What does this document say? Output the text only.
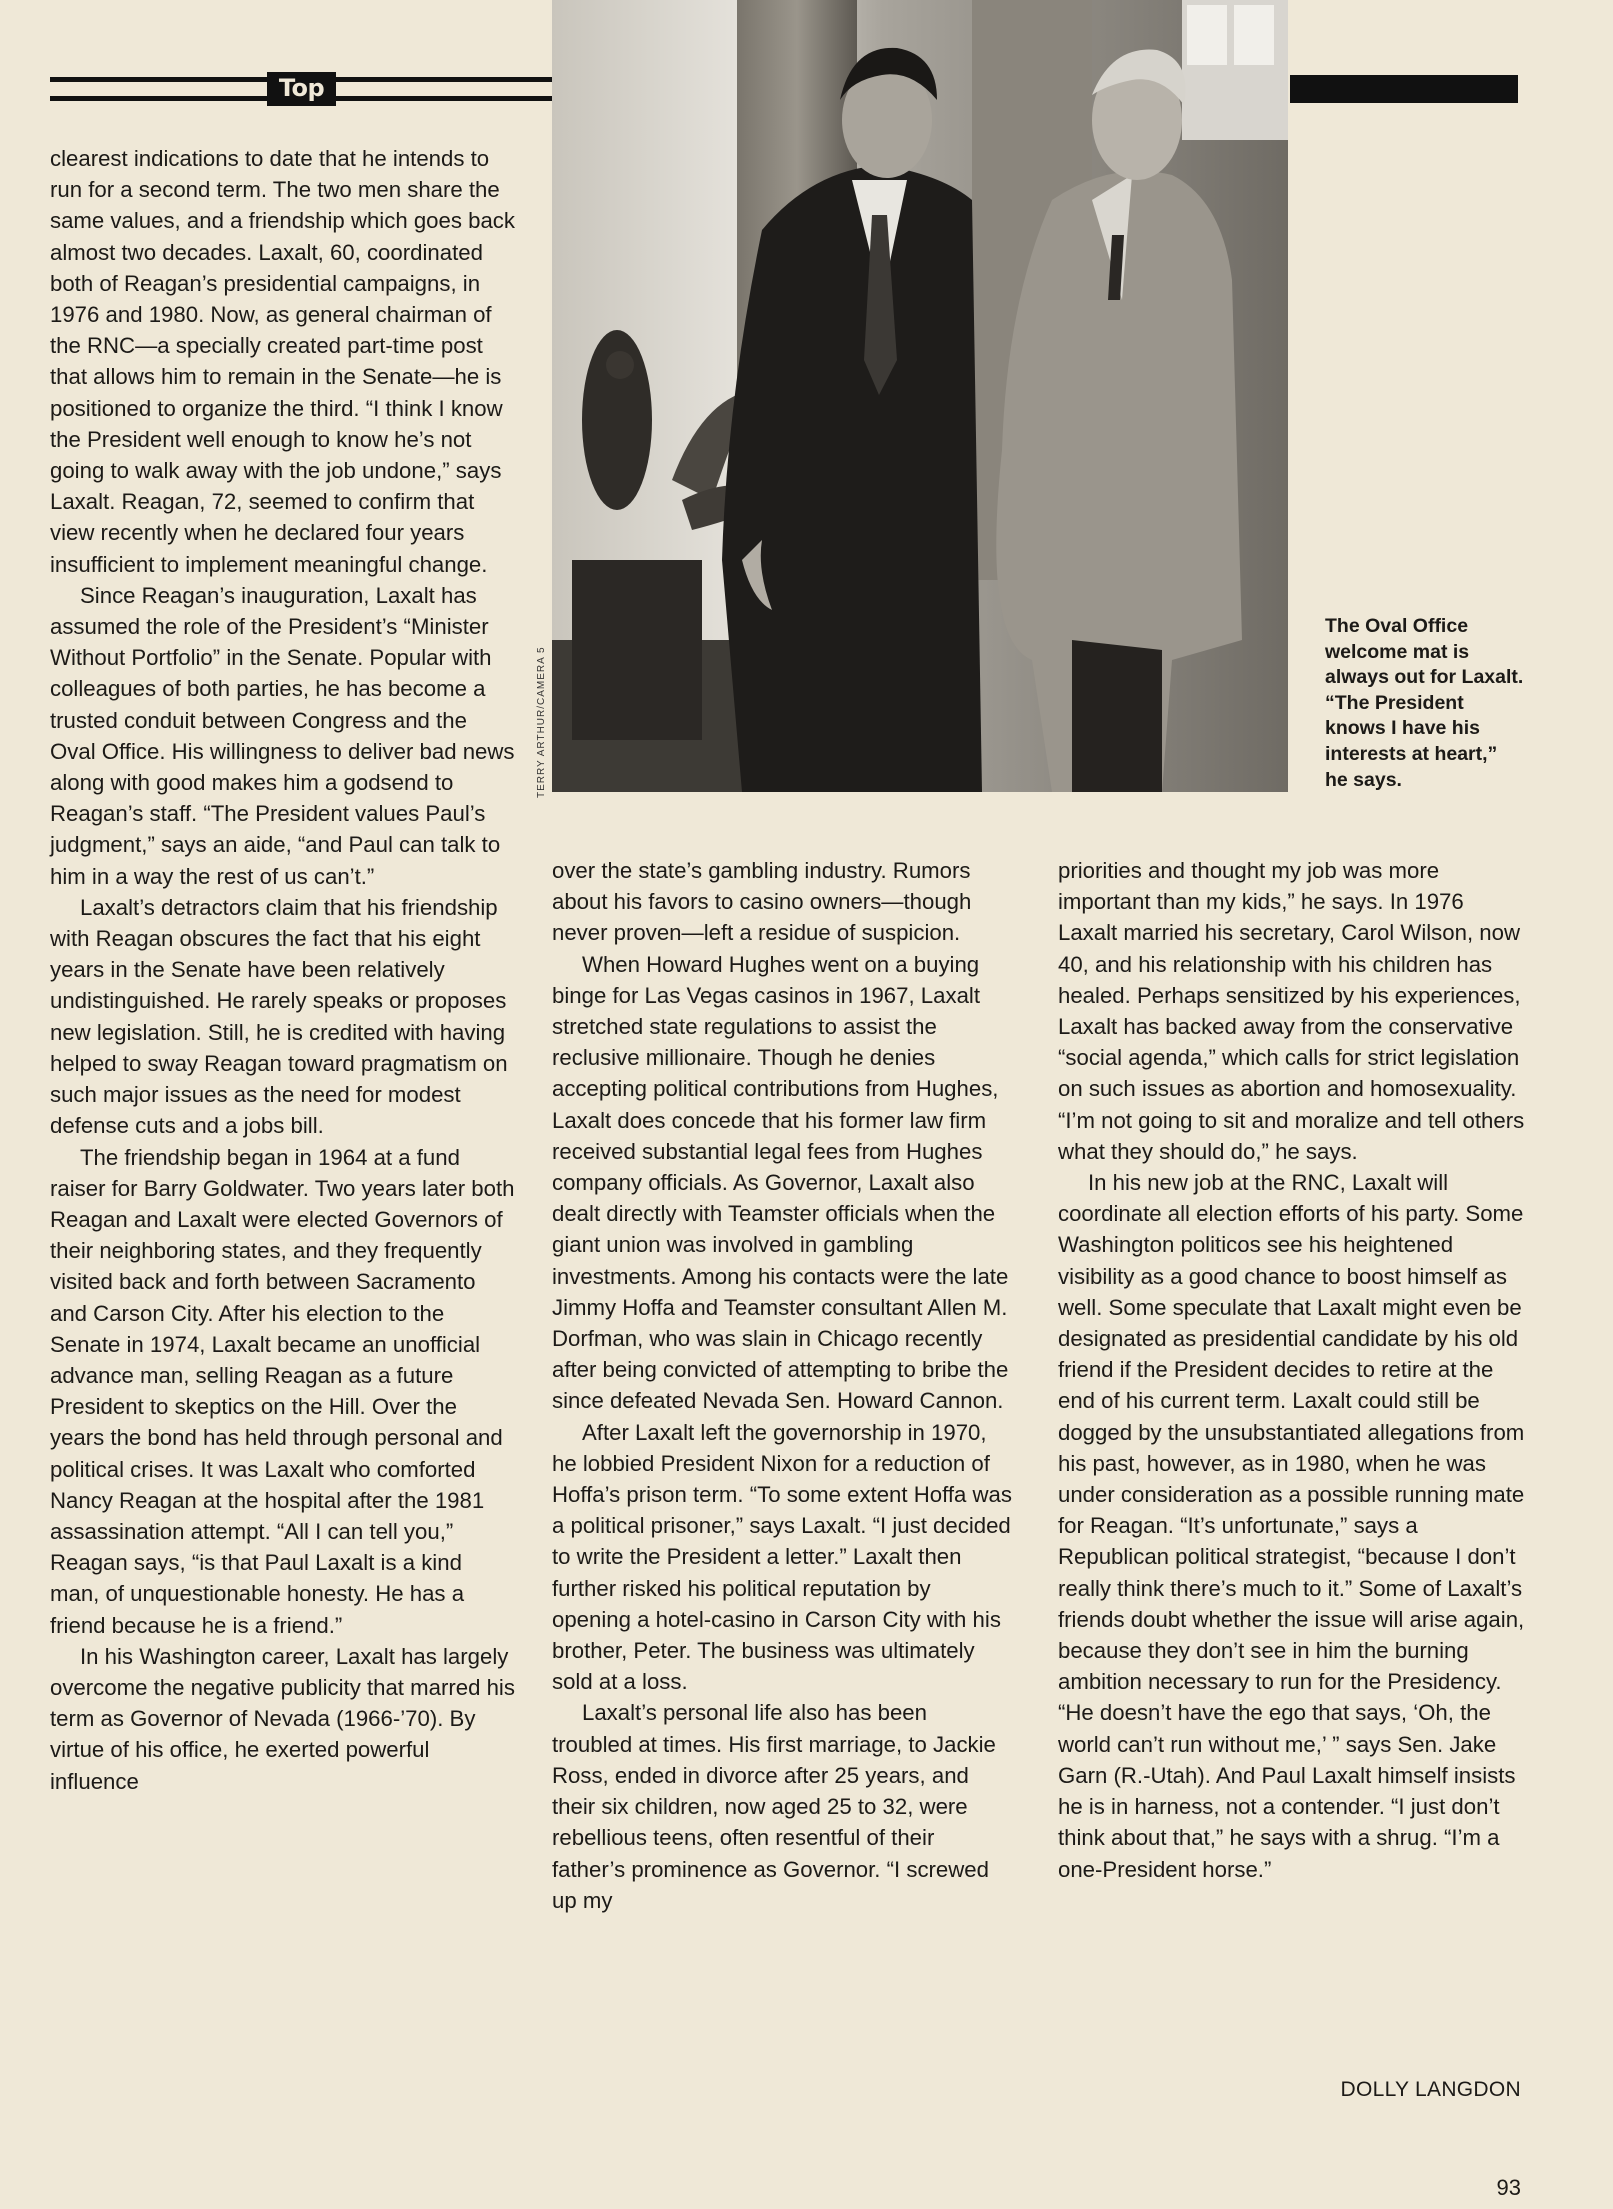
Top
TERRY ARTHUR/CAMERA 5
The Oval Office welcome mat is always out for Laxalt. “The President knows I have his interests at heart,” he says.

clearest indications to date that he intends to run for a second term. The two men share the same values, and a friendship which goes back almost two decades. Laxalt, 60, coordinated both of Reagan’s presidential campaigns, in 1976 and 1980. Now, as general chairman of the RNC—a specially created part-time post that allows him to remain in the Senate—he is positioned to organize the third. “I think I know the President well enough to know he’s not going to walk away with the job undone,” says Laxalt. Reagan, 72, seemed to confirm that view recently when he declared four years insufficient to implement meaningful change.

Since Reagan’s inauguration, Laxalt has assumed the role of the President’s “Minister Without Portfolio” in the Senate. Popular with colleagues of both parties, he has become a trusted conduit between Congress and the Oval Office. His willingness to deliver bad news along with good makes him a godsend to Reagan’s staff. “The President values Paul’s judgment,” says an aide, “and Paul can talk to him in a way the rest of us can’t.”

Laxalt’s detractors claim that his friendship with Reagan obscures the fact that his eight years in the Senate have been relatively undistinguished. He rarely speaks or proposes new legislation. Still, he is credited with having helped to sway Reagan toward pragmatism on such major issues as the need for modest defense cuts and a jobs bill.

The friendship began in 1964 at a fund raiser for Barry Goldwater. Two years later both Reagan and Laxalt were elected Governors of their neighboring states, and they frequently visited back and forth between Sacramento and Carson City. After his election to the Senate in 1974, Laxalt became an unofficial advance man, selling Reagan as a future President to skeptics on the Hill. Over the years the bond has held through personal and political crises. It was Laxalt who comforted Nancy Reagan at the hospital after the 1981 assassination attempt. “All I can tell you,” Reagan says, “is that Paul Laxalt is a kind man, of unquestionable honesty. He has a friend because he is a friend.”

In his Washington career, Laxalt has largely overcome the negative publicity that marred his term as Governor of Nevada (1966-’70). By virtue of his office, he exerted powerful influence

over the state’s gambling industry. Rumors about his favors to casino owners—though never proven—left a residue of suspicion.

When Howard Hughes went on a buying binge for Las Vegas casinos in 1967, Laxalt stretched state regulations to assist the reclusive millionaire. Though he denies accepting political contributions from Hughes, Laxalt does concede that his former law firm received substantial legal fees from Hughes company officials. As Governor, Laxalt also dealt directly with Teamster officials when the giant union was involved in gambling investments. Among his contacts were the late Jimmy Hoffa and Teamster consultant Allen M. Dorfman, who was slain in Chicago recently after being convicted of attempting to bribe the since defeated Nevada Sen. Howard Cannon.

After Laxalt left the governorship in 1970, he lobbied President Nixon for a reduction of Hoffa’s prison term. “To some extent Hoffa was a political prisoner,” says Laxalt. “I just decided to write the President a letter.” Laxalt then further risked his political reputation by opening a hotel-casino in Carson City with his brother, Peter. The business was ultimately sold at a loss.

Laxalt’s personal life also has been troubled at times. His first marriage, to Jackie Ross, ended in divorce after 25 years, and their six children, now aged 25 to 32, were rebellious teens, often resentful of their father’s prominence as Governor. “I screwed up my

priorities and thought my job was more important than my kids,” he says. In 1976 Laxalt married his secretary, Carol Wilson, now 40, and his relationship with his children has healed. Perhaps sensitized by his experiences, Laxalt has backed away from the conservative “social agenda,” which calls for strict legislation on such issues as abortion and homosexuality. “I’m not going to sit and moralize and tell others what they should do,” he says.

In his new job at the RNC, Laxalt will coordinate all election efforts of his party. Some Washington politicos see his heightened visibility as a good chance to boost himself as well. Some speculate that Laxalt might even be designated as presidential candidate by his old friend if the President decides to retire at the end of his current term. Laxalt could still be dogged by the unsubstantiated allegations from his past, however, as in 1980, when he was under consideration as a possible running mate for Reagan. “It’s unfortunate,” says a Republican political strategist, “because I don’t really think there’s much to it.” Some of Laxalt’s friends doubt whether the issue will arise again, because they don’t see in him the burning ambition necessary to run for the Presidency. “He doesn’t have the ego that says, ‘Oh, the world can’t run without me,’ ” says Sen. Jake Garn (R.-Utah). And Paul Laxalt himself insists he is in harness, not a contender. “I just don’t think about that,” he says with a shrug. “I’m a one-President horse.”

DOLLY LANGDON
93
